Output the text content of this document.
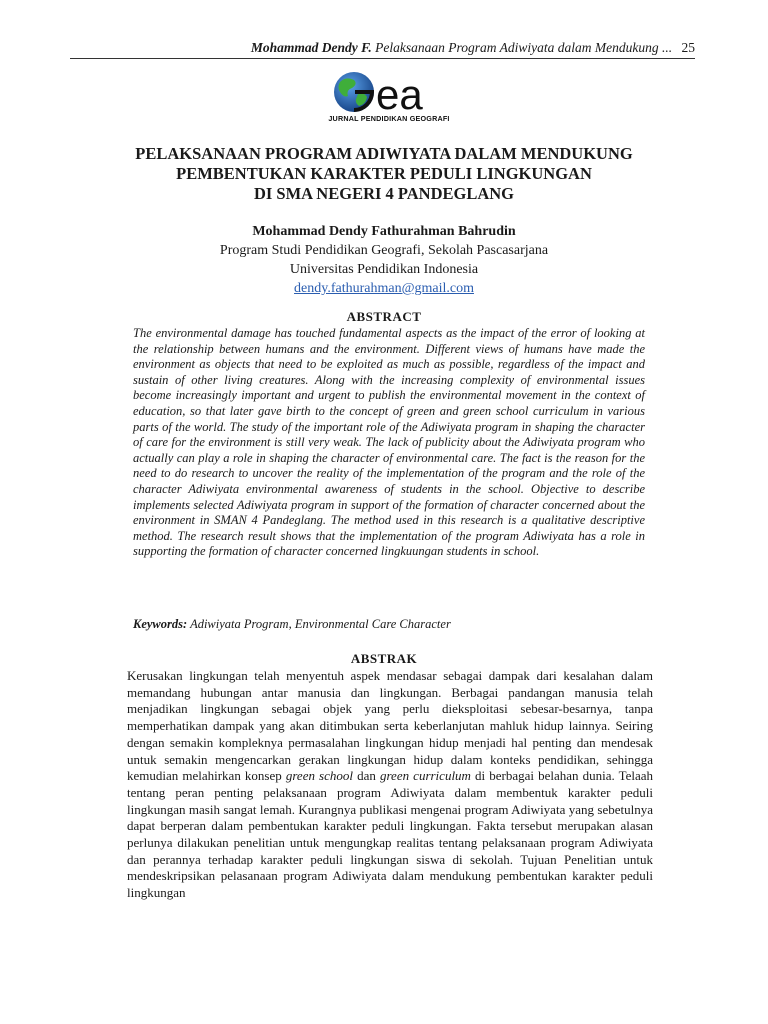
Mohammad Dendy F. Pelaksanaan Program Adiwiyata dalam Mendukung ... 25
ea
JURNAL PENDIDIKAN GEOGRAFI
PELAKSANAAN PROGRAM ADIWIYATA DALAM MENDUKUNG
PEMBENTUKAN KARAKTER PEDULI LINGKUNGAN
DI SMA NEGERI 4 PANDEGLANG
Mohammad Dendy Fathurahman Bahrudin
Program Studi Pendidikan Geografi, Sekolah Pascasarjana
Universitas Pendidikan Indonesia
dendy.fathurahman@gmail.com
ABSTRACT
The environmental damage has touched fundamental aspects as the impact of the error of looking at the relationship between humans and the environment. Different views of humans have made the environment as objects that need to be exploited as much as possible, regardless of the impact and sustain of other living creatures. Along with the increasing complexity of environmental issues become increasingly important and urgent to publish the environmental movement in the context of education, so that later gave birth to the concept of green and green school curriculum in various parts of the world. The study of the important role of the Adiwiyata program in shaping the character of care for the environment is still very weak. The lack of publicity about the Adiwiyata program who actually can play a role in shaping the character of environmental care. The fact is the reason for the need to do research to uncover the reality of the implementation of the program and the role of the character Adiwiyata environmental awareness of students in the school. Objective to describe implements selected Adiwiyata program in support of the formation of character concerned about the environment in SMAN 4 Pandeglang. The method used in this research is a qualitative descriptive method. The research result shows that the implementation of the program Adiwiyata has a role in supporting the formation of character concerned lingkuungan students in school.
Keywords: Adiwiyata Program, Environmental Care Character
ABSTRAK
Kerusakan lingkungan telah menyentuh aspek mendasar sebagai dampak dari kesalahan dalam memandang hubungan antar manusia dan lingkungan. Berbagai pandangan manusia telah menjadikan lingkungan sebagai objek yang perlu dieksploitasi sebesar-besarnya, tanpa memperhatikan dampak yang akan ditimbukan serta keberlanjutan mahluk hidup lainnya. Seiring dengan semakin kompleknya permasalahan lingkungan hidup menjadi hal penting dan mendesak untuk semakin mengencarkan gerakan lingkungan hidup dalam konteks pendidikan, sehingga kemudian melahirkan konsep green school dan green curriculum di berbagai belahan dunia. Telaah tentang peran penting pelaksanaan program Adiwiyata dalam membentuk karakter peduli lingkungan masih sangat lemah. Kurangnya publikasi mengenai program Adiwiyata yang sebetulnya dapat berperan dalam pembentukan karakter peduli lingkungan. Fakta tersebut merupakan alasan perlunya dilakukan penelitian untuk mengungkap realitas tentang pelaksanaan program Adiwiyata dan perannya terhadap karakter peduli lingkungan siswa di sekolah. Tujuan Penelitian untuk mendeskripsikan pelasanaan program Adiwiyata dalam mendukung pembentukan karakter peduli lingkungan
